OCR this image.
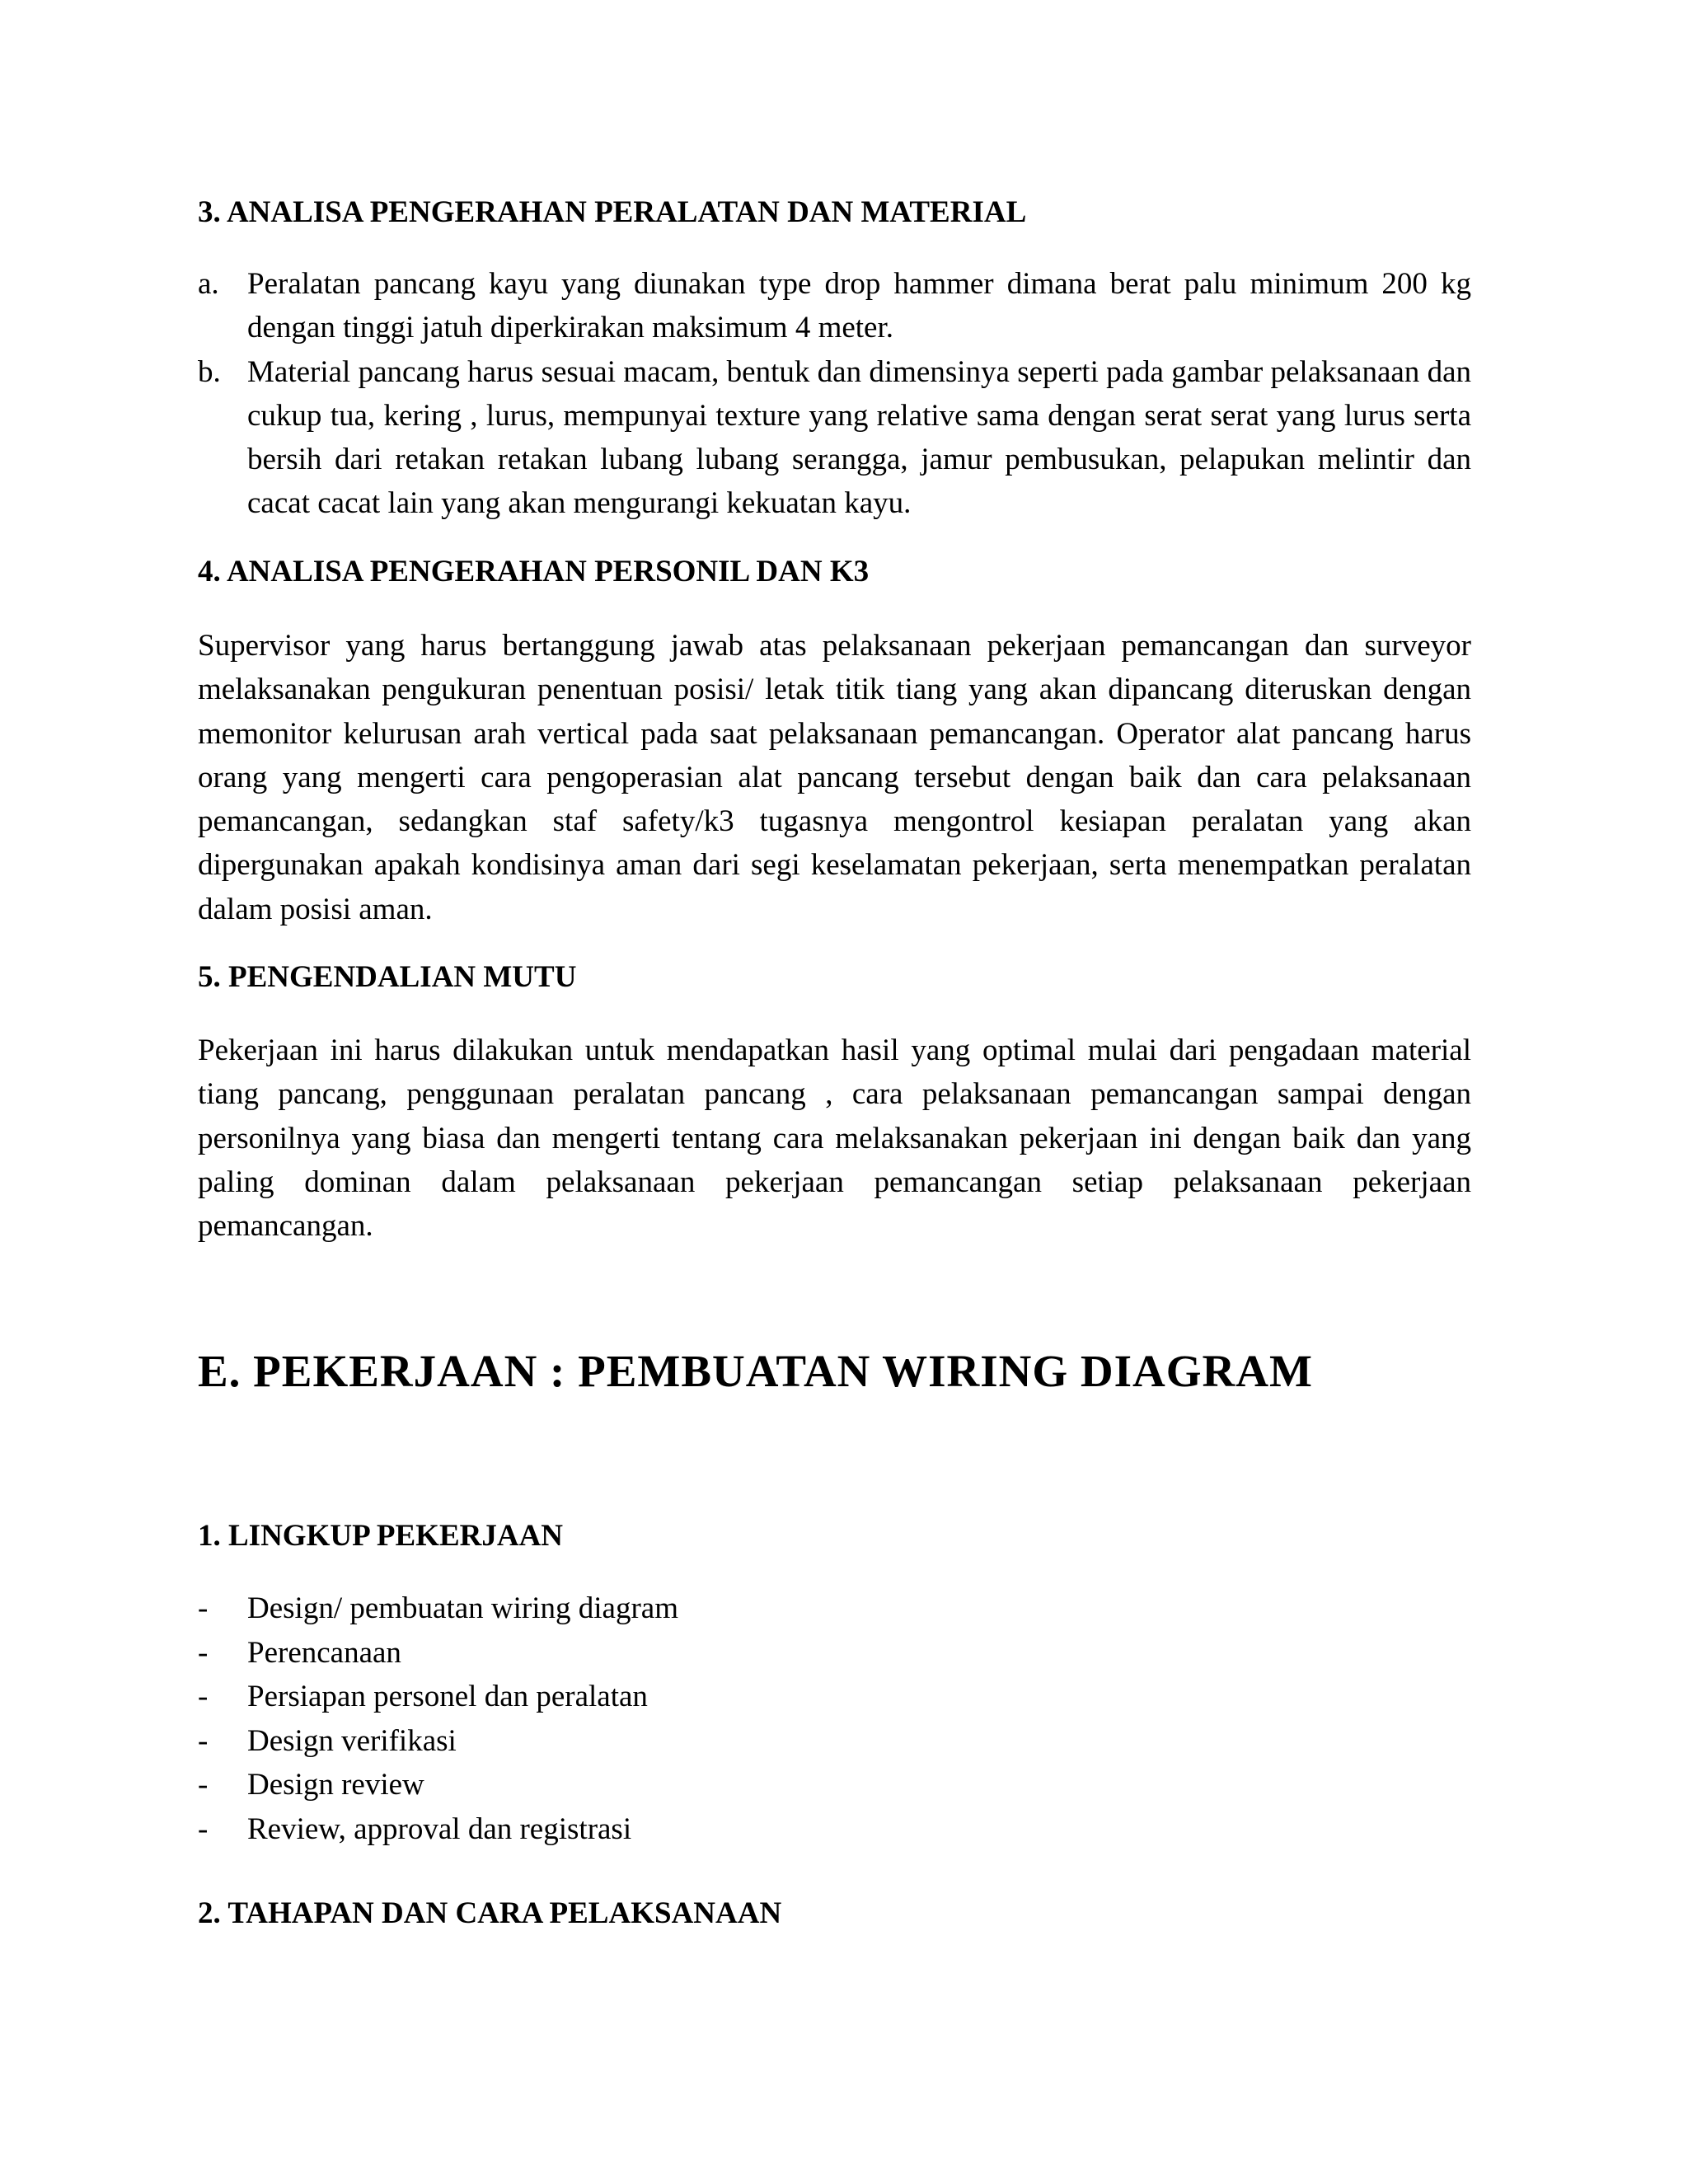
3. ANALISA PENGERAHAN PERALATAN DAN MATERIAL
a. Peralatan pancang kayu yang diunakan type drop hammer dimana berat palu minimum 200 kg dengan tinggi jatuh diperkirakan maksimum 4 meter.
b. Material pancang harus sesuai macam, bentuk dan dimensinya seperti pada gambar pelaksanaan dan cukup tua, kering , lurus, mempunyai texture yang relative sama dengan serat serat yang lurus serta bersih dari retakan retakan lubang lubang serangga, jamur pembusukan, pelapukan melintir dan cacat cacat lain yang akan mengurangi kekuatan kayu.
4. ANALISA PENGERAHAN PERSONIL DAN K3

Supervisor yang harus bertanggung jawab atas pelaksanaan pekerjaan pemancangan dan surveyor melaksanakan pengukuran penentuan posisi/ letak titik tiang yang akan dipancang diteruskan dengan memonitor kelurusan arah vertical pada saat pelaksanaan pemancangan. Operator alat pancang harus orang yang mengerti cara pengoperasian alat pancang tersebut dengan baik dan cara pelaksanaan pemancangan, sedangkan staf safety/k3 tugasnya mengontrol kesiapan peralatan yang akan dipergunakan apakah kondisinya aman dari segi keselamatan pekerjaan, serta menempatkan peralatan dalam posisi aman.

5. PENGENDALIAN MUTU

Pekerjaan ini harus dilakukan untuk mendapatkan hasil yang optimal mulai dari pengadaan material tiang pancang, penggunaan peralatan pancang , cara pelaksanaan pemancangan sampai dengan personilnya yang biasa dan mengerti tentang cara melaksanakan pekerjaan ini dengan baik dan yang paling dominan dalam pelaksanaan pekerjaan pemancangan setiap pelaksanaan pekerjaan pemancangan.

E. PEKERJAAN : PEMBUATAN WIRING DIAGRAM
1. LINGKUP PEKERJAAN
- Design/ pembuatan wiring diagram
- Perencanaan
- Persiapan personel dan peralatan
- Design verifikasi
- Design review
- Review, approval dan registrasi
2. TAHAPAN DAN CARA PELAKSANAAN
